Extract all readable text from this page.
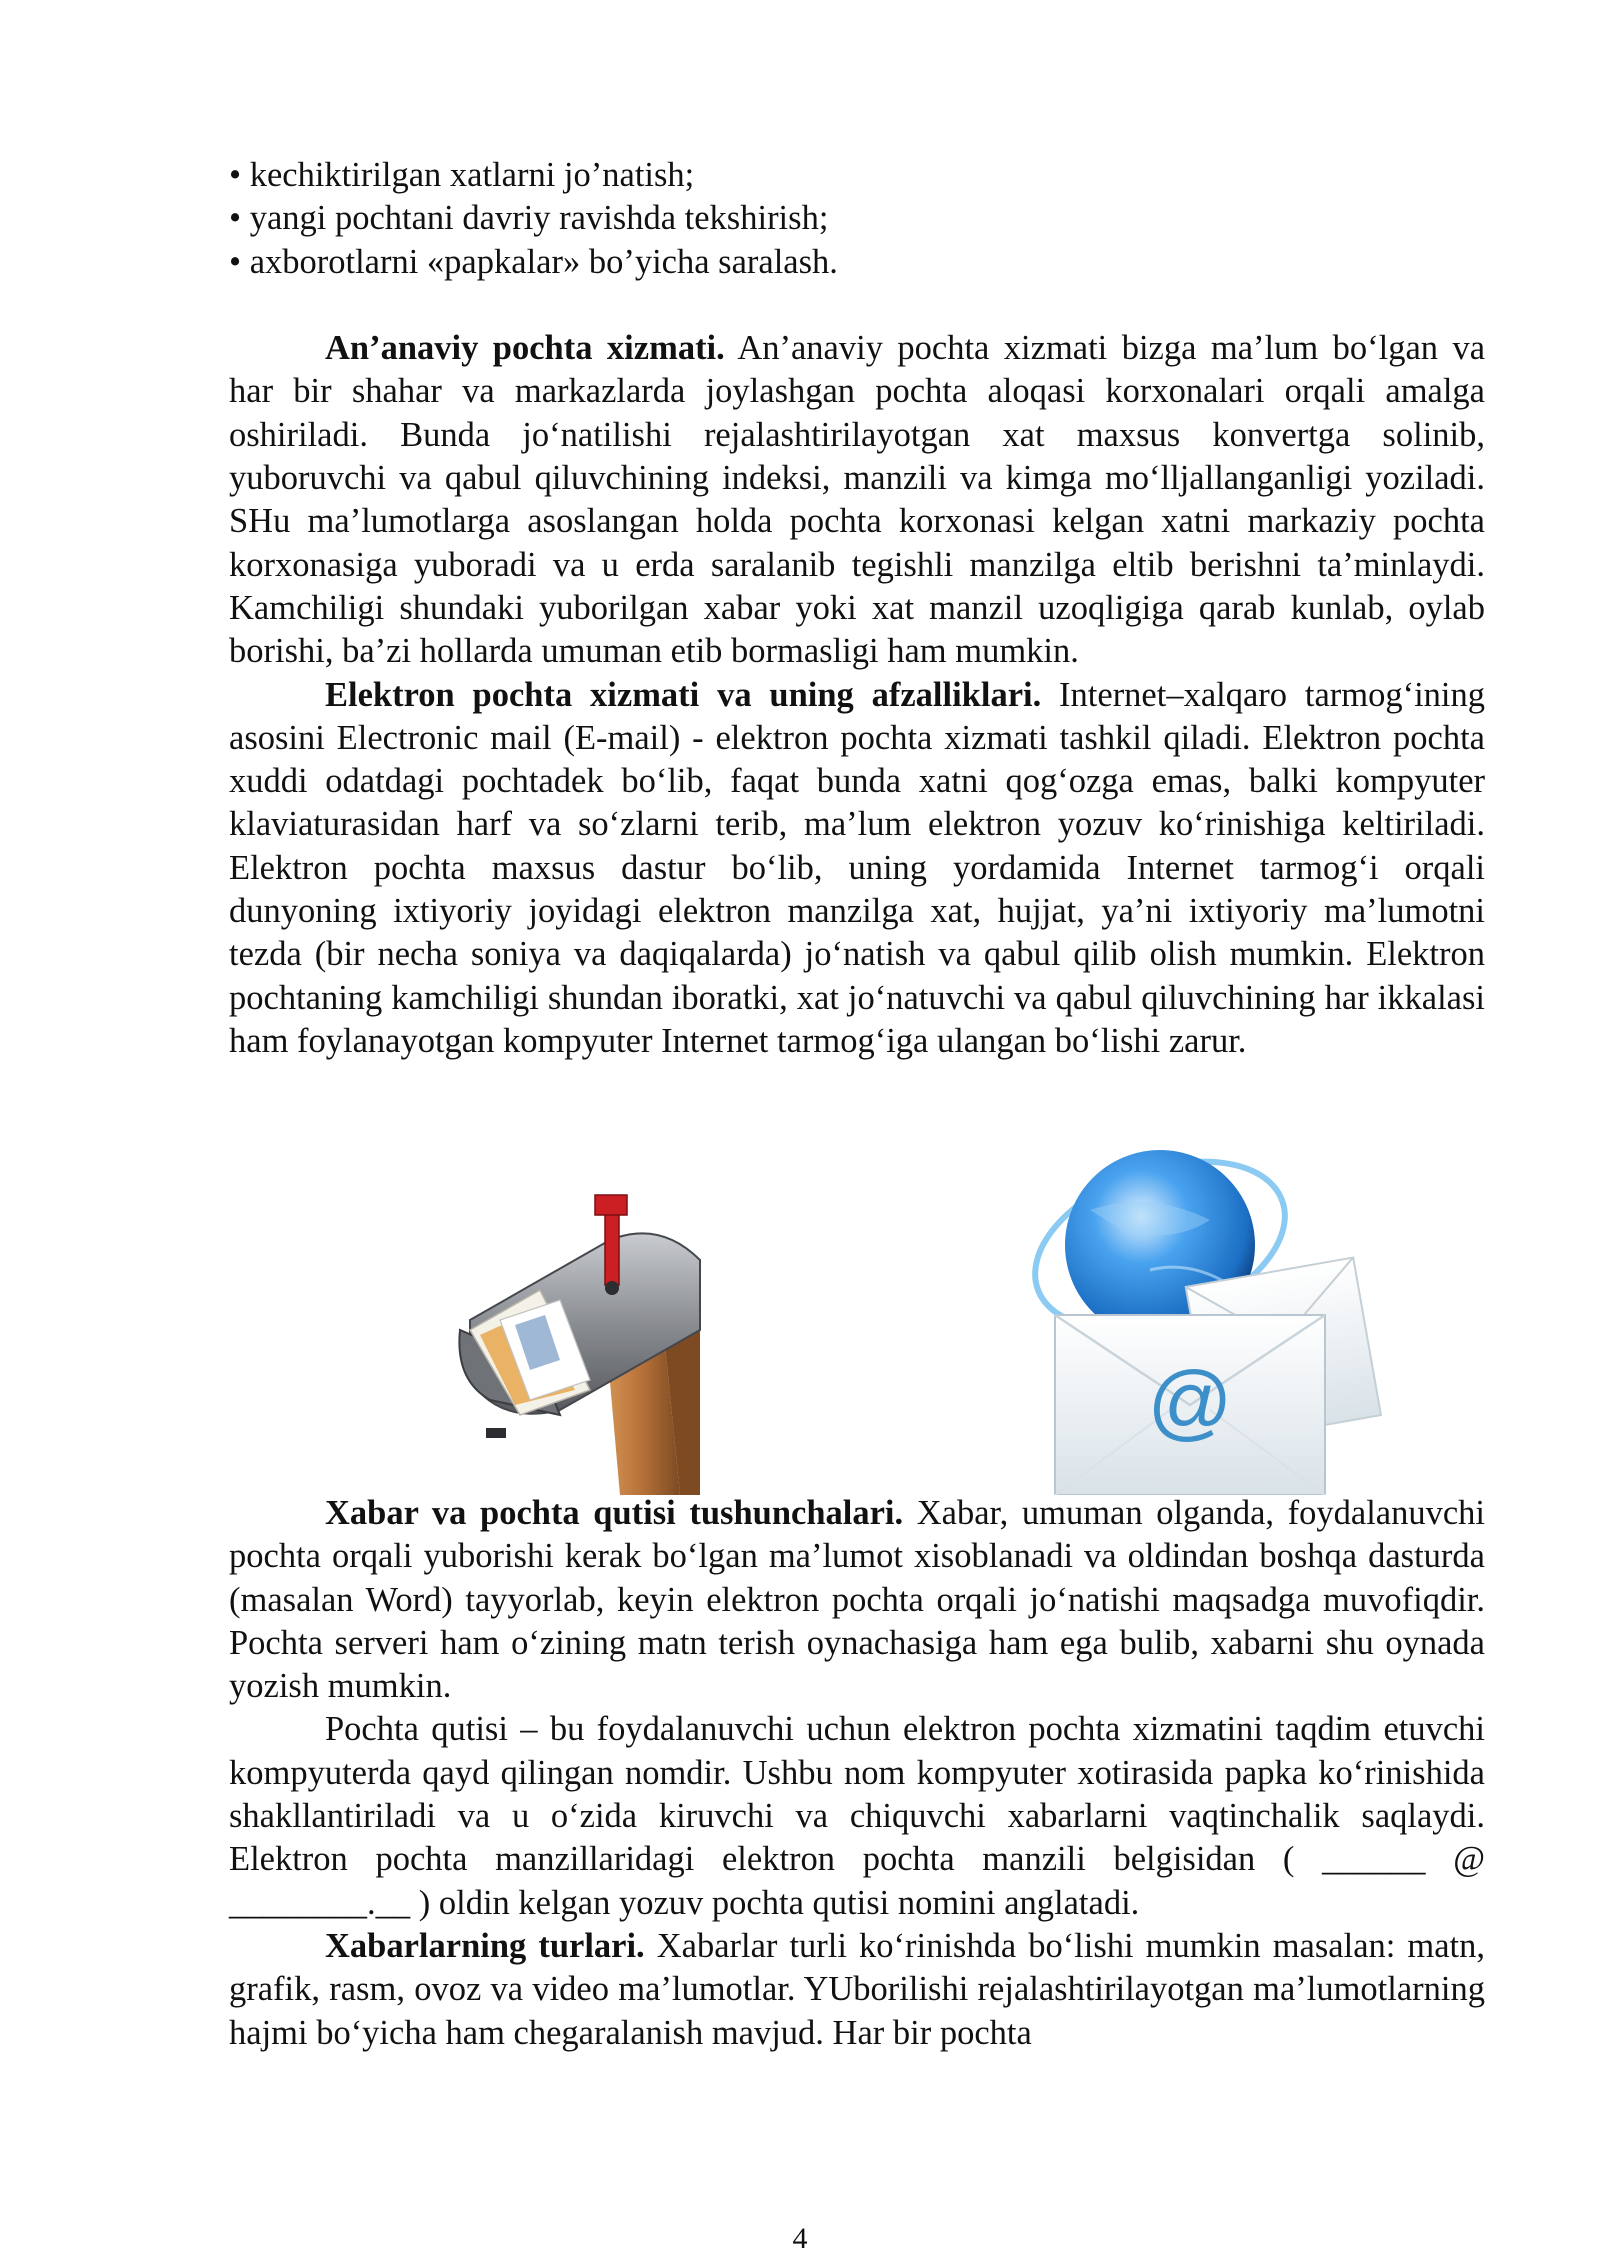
• kechiktirilgan xatlarni jo’natish;

• yangi pochtani davriy ravishda tekshirish;

• axborotlarni «papkalar» bo’yicha saralash.

An’anaviy pochta xizmati. An’anaviy pochta xizmati bizga ma’lum boʻlgan va har bir shahar va markazlarda joylashgan pochta aloqasi korxonalari orqali amalga oshiriladi. Bunda joʻnatilishi rejalashtirilayotgan xat maxsus konvertga solinib, yuboruvchi va qabul qiluvchining indeksi, manzili va kimga moʻlljallanganligi yoziladi. SHu ma’lumotlarga asoslangan holda pochta korxonasi kelgan xatni markaziy pochta korxonasiga yuboradi va u erda saralanib tegishli manzilga eltib berishni ta’minlaydi. Kamchiligi shundaki yuborilgan xabar yoki xat manzil uzoqligiga qarab kunlab, oylab borishi, ba’zi hollarda umuman etib bormasligi ham mumkin.

Elektron pochta xizmati va uning afzalliklari. Internet–xalqaro tarmogʻining asosini Electronic mail (E-mail) - elektron pochta xizmati tashkil qiladi. Elektron pochta xuddi odatdagi pochtadek boʻlib, faqat bunda xatni qogʻozga emas, balki kompyuter klaviaturasidan harf va soʻzlarni terib, ma’lum elektron yozuv koʻrinishiga keltiriladi. Elektron pochta maxsus dastur boʻlib, uning yordamida Internet tarmogʻi orqali dunyoning ixtiyoriy joyidagi elektron manzilga xat, hujjat, ya’ni ixtiyoriy ma’lumotni tezda (bir necha soniya va daqiqalarda) joʻnatish va qabul qilib olish mumkin. Elektron pochtaning kamchiligi shundan iboratki, xat joʻnatuvchi va qabul qiluvchining har ikkalasi ham foylanayotgan kompyuter Internet tarmogʻiga ulangan boʻlishi zarur.

@

Xabar va pochta qutisi tushunchalari. Xabar, umuman olganda, foydalanuvchi pochta orqali yuborishi kerak boʻlgan ma’lumot xisoblanadi va oldindan boshqa dasturda (masalan Word) tayyorlab, keyin elektron pochta orqali joʻnatishi maqsadga muvofiqdir. Pochta serveri ham oʻzining matn terish oynachasiga ham ega bulib, xabarni shu oynada yozish mumkin.

Pochta qutisi – bu foydalanuvchi uchun elektron pochta xizmatini taqdim etuvchi kompyuterda qayd qilingan nomdir. Ushbu nom kompyuter xotirasida papka koʻrinishida shakllantiriladi va u oʻzida kiruvchi va chiquvchi xabarlarni vaqtinchalik saqlaydi. Elektron pochta manzillaridagi elektron pochta manzili belgisidan ( ______ @ ________.__ ) oldin kelgan yozuv pochta qutisi nomini anglatadi.

Xabarlarning turlari. Xabarlar turli koʻrinishda boʻlishi mumkin masalan: matn, grafik, rasm, ovoz va video ma’lumotlar. YUborilishi rejalashtirilayotgan ma’lumotlarning hajmi boʻyicha ham chegaralanish mavjud. Har bir pochta

4
